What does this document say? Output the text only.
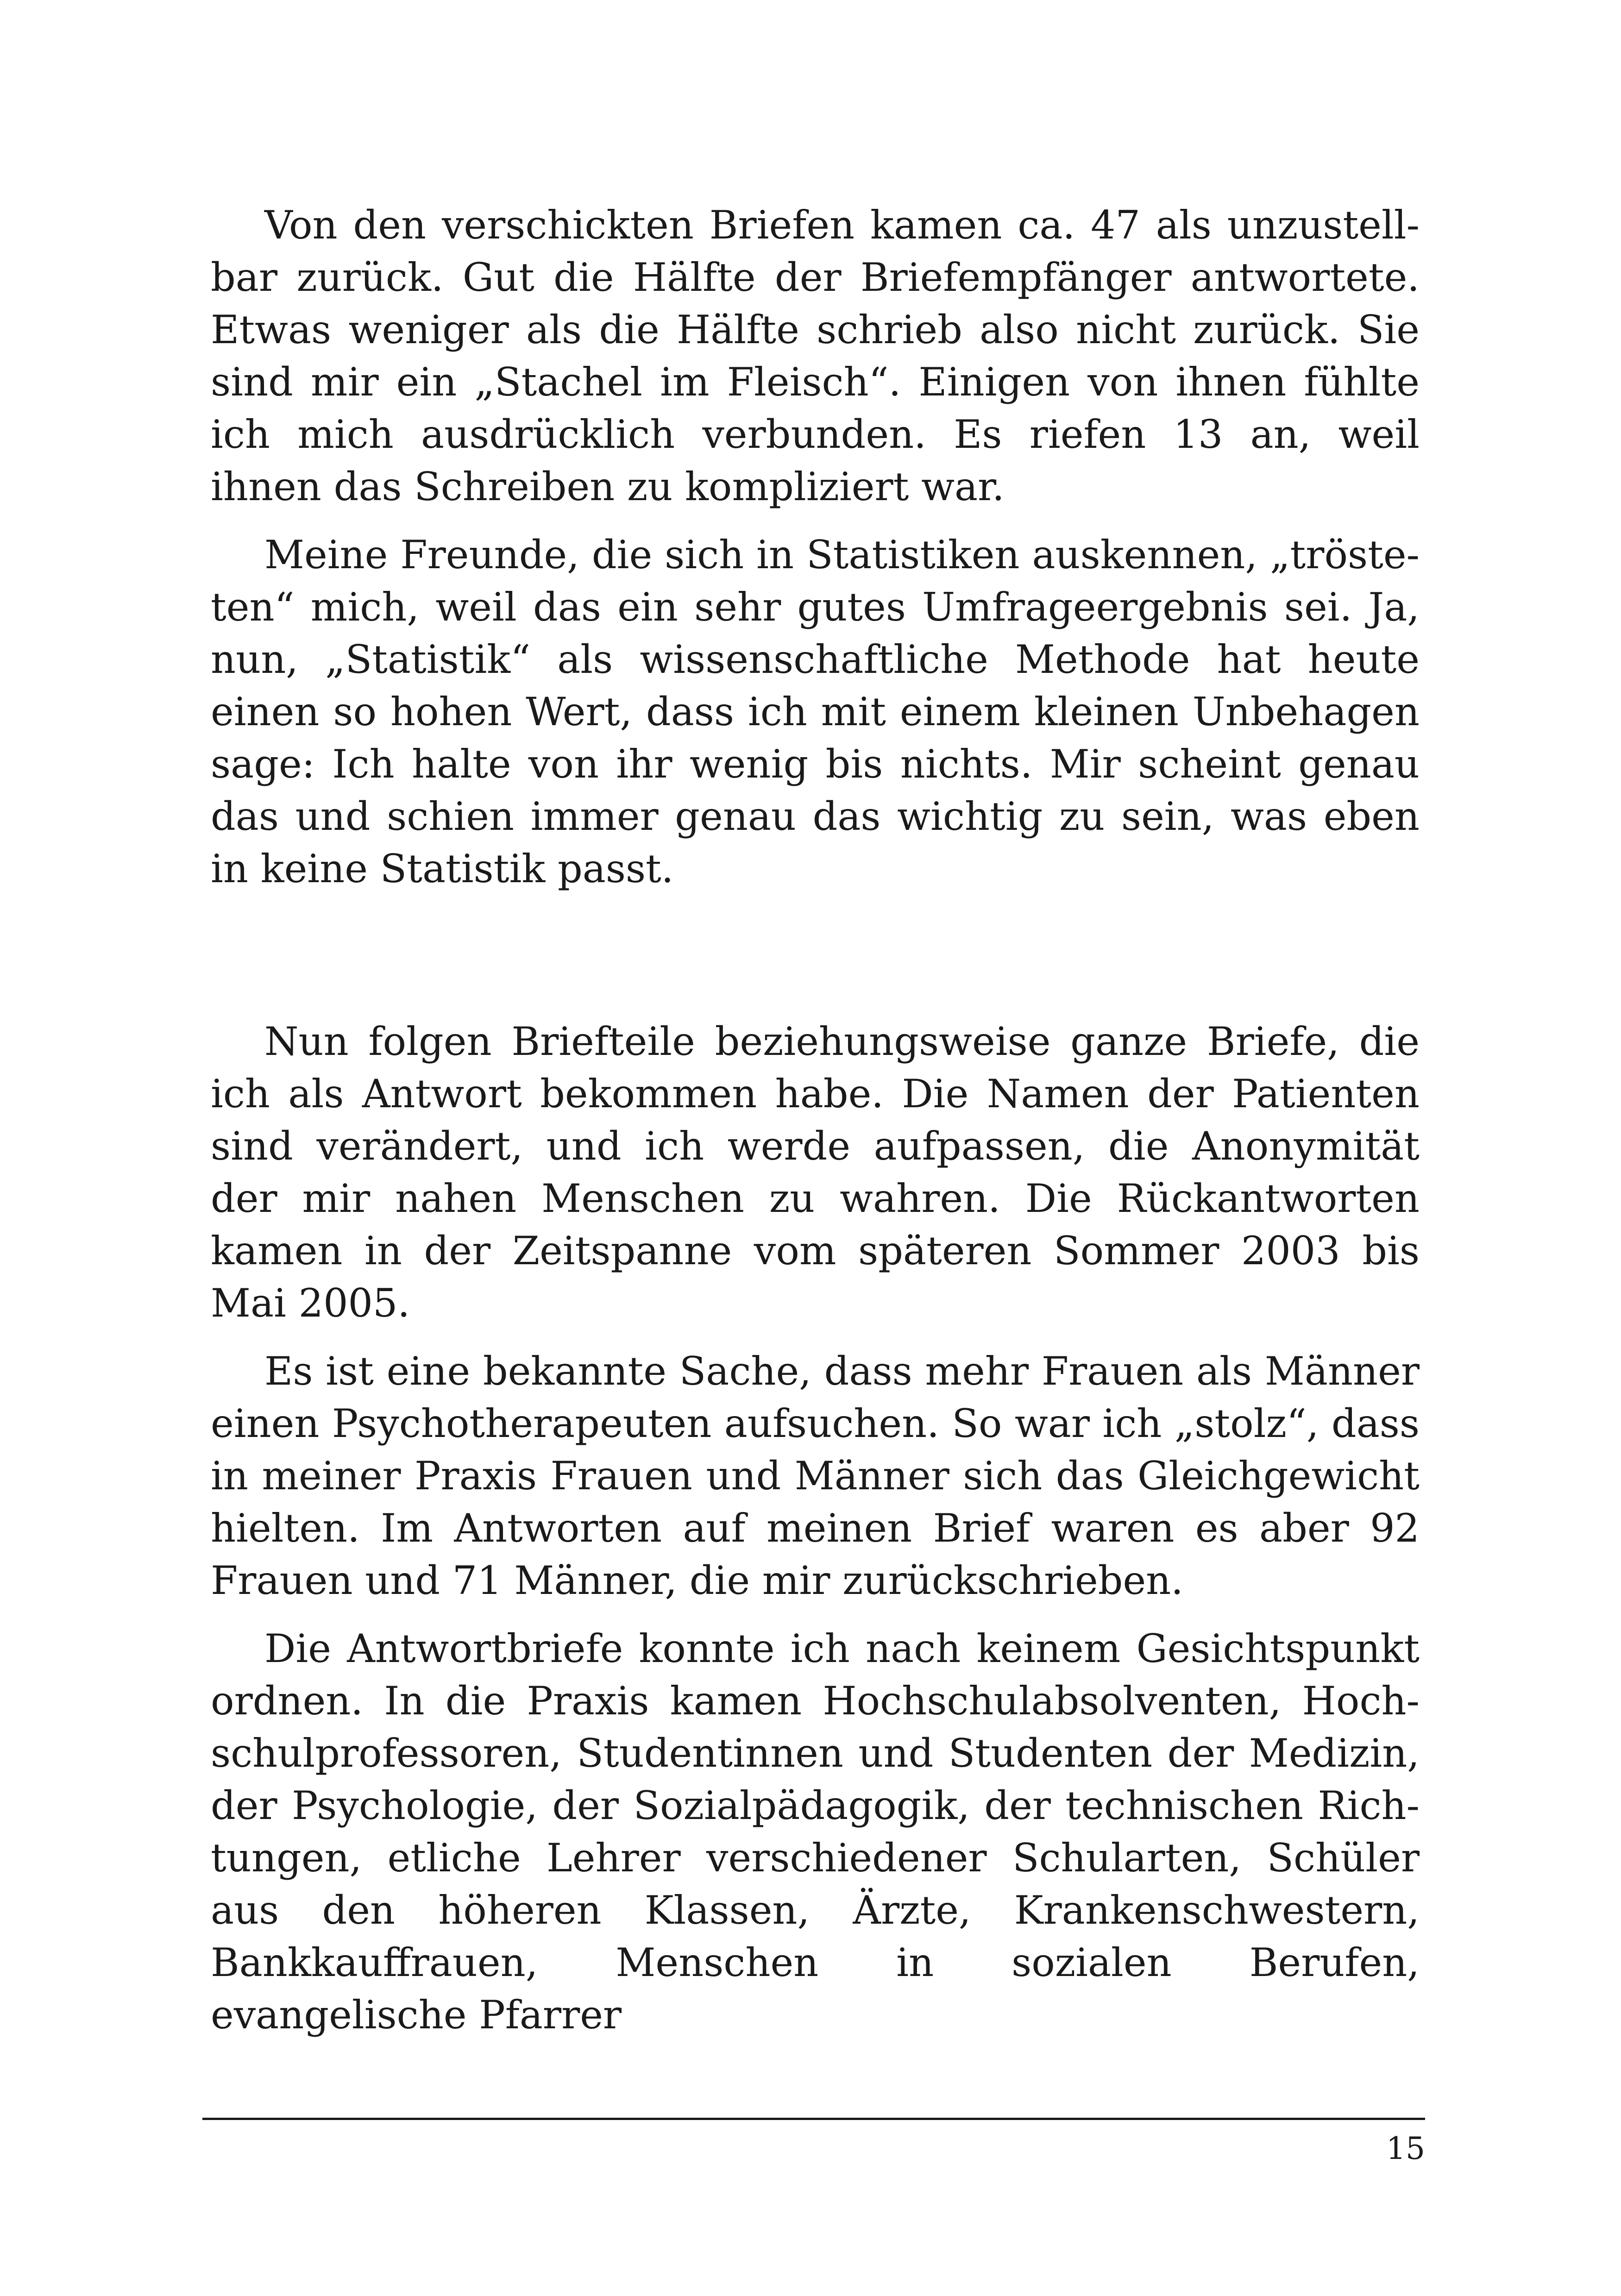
Von den verschickten Briefen kamen ca. 47 als unzustellbar zurück. Gut die Hälfte der Briefempfänger antwortete. Etwas weniger als die Hälfte schrieb also nicht zurück. Sie sind mir ein „Stachel im Fleisch“. Einigen von ihnen fühlte ich mich ausdrücklich verbunden. Es riefen 13 an, weil ihnen das Schreiben zu kompliziert war.

Meine Freunde, die sich in Statistiken auskennen, „trösteten“ mich, weil das ein sehr gutes Umfrageergebnis sei. Ja, nun, „Statistik“ als wissenschaftliche Methode hat heute einen so hohen Wert, dass ich mit einem kleinen Unbehagen sage: Ich halte von ihr wenig bis nichts. Mir scheint genau das und schien immer genau das wichtig zu sein, was eben in keine Statistik passt.

Nun folgen Briefteile beziehungsweise ganze Briefe, die ich als Antwort bekommen habe. Die Namen der Patienten sind verändert, und ich werde aufpassen, die Anonymität der mir nahen Menschen zu wahren. Die Rückantworten kamen in der Zeitspanne vom späteren Sommer 2003 bis Mai 2005.

Es ist eine bekannte Sache, dass mehr Frauen als Männer einen Psychotherapeuten aufsuchen. So war ich „stolz“, dass in meiner Praxis Frauen und Männer sich das Gleichgewicht hielten. Im Antworten auf meinen Brief waren es aber 92 Frauen und 71 Männer, die mir zurückschrieben.

Die Antwortbriefe konnte ich nach keinem Gesichtspunkt ordnen. In die Praxis kamen Hochschulabsolventen, Hochschulprofessoren, Studentinnen und Studenten der Medizin, der Psychologie, der Sozialpädagogik, der technischen Richtungen, etliche Lehrer verschiedener Schularten, Schüler aus den höheren Klassen, Ärzte, Krankenschwestern, Bankkauffrauen, Menschen in sozialen Berufen, evangelische Pfarrer

15
